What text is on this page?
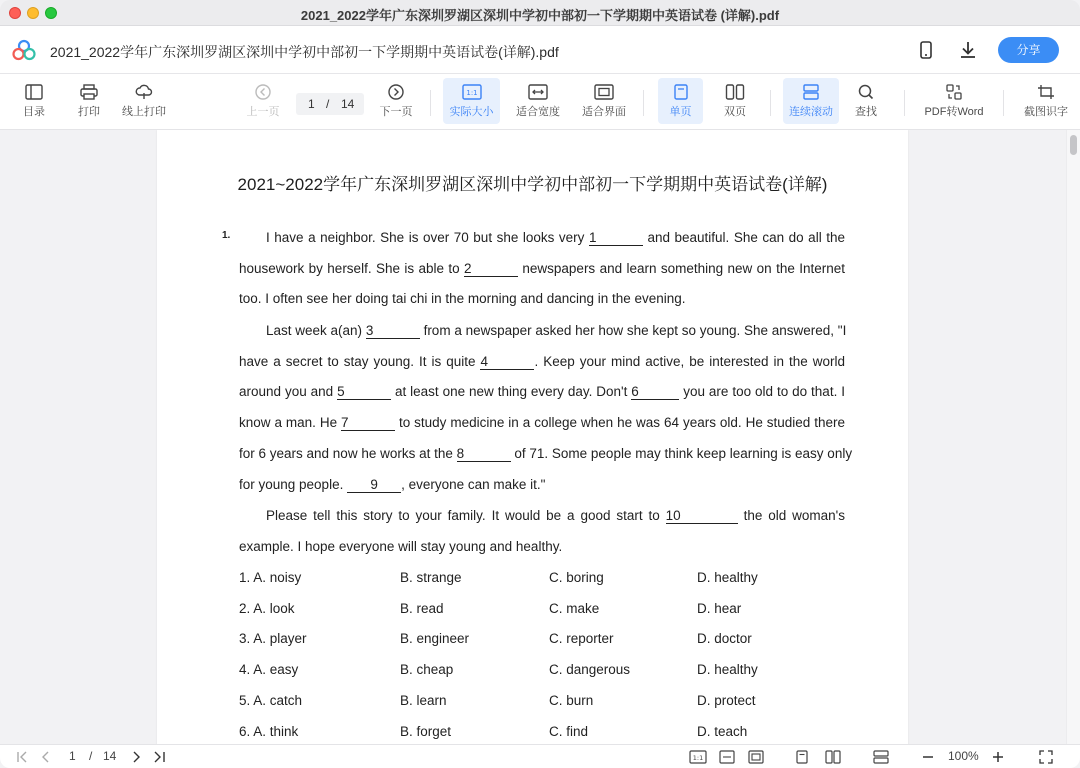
2021_2022学年广东深圳罗湖区深圳中学初中部初一下学期期中英语试卷 (详解).pdf
2021_2022学年广东深圳罗湖区深圳中学初中部初一下学期期中英语试卷(详解).pdf	分享
目录	打印	线上打印	上一页
1 / 14
下一页
1:1
实际大小	适合宽度	适合界面	单页	双页	连续滚动	查找	PDF转Word	截图识字
2021~2022学年广东深圳罗湖区深圳中学初中部初一下学期期中英语试卷(详解)
1.	I have a neighbor. She is over 70 but she looks very 1	and beautiful. She can do all the
housework by herself. She is able to 2	newspapers and learn something new on the Internet
too. I often see her doing tai chi in the morning and dancing in the evening.
Last week a(an) 3	from a newspaper asked her how she kept so young. She answered, "I
have a secret to stay young. It is quite 4	. Keep your mind active, be interested in the world
around you and 5	at least one new thing every day. Don't 6	you are too old to do that. I
know a man. He 7	to study medicine in a college when he was 64 years old. He studied there
for 6 years and now he works at the 8	of 71. Some people may think keep learning is easy only
for young people. 9 , everyone can make it."
Please tell this story to your family. It would be a good start to 10	the old woman's
example. I hope everyone will stay young and healthy.
1. A. noisy	B. strange	C. boring	D. healthy
2. A. look	B. read	C. make	D. hear
3. A. player	B. engineer	C. reporter	D. doctor
4. A. easy	B. cheap	C. dangerous	D. healthy
5. A. catch	B. learn	C. burn	D. protect
6. A. think	B. forget	C. find	D. teach
1 / 14	1:1	100%
